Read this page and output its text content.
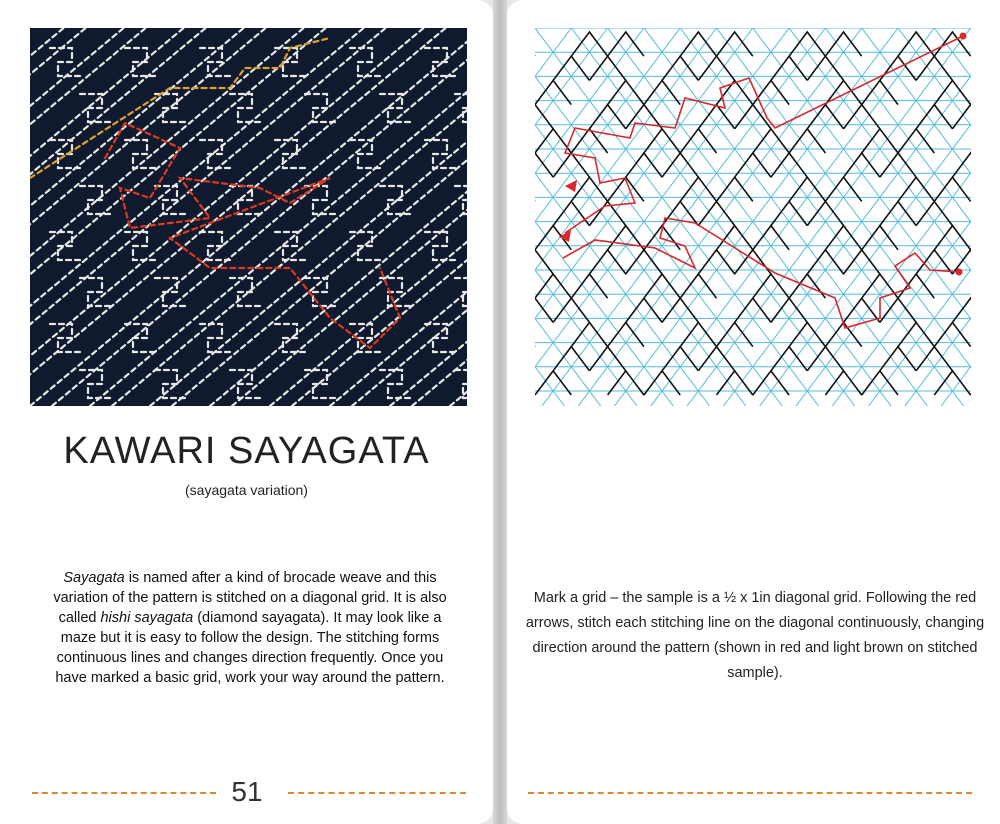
KAWARI SAYAGATA
(sayagata variation)

Sayagata is named after a kind of brocade weave and this variation of the pattern is stitched on a diagonal grid. It is also called hishi sayagata (diamond sayagata). It may look like a maze but it is easy to follow the design. The stitching forms continuous lines and changes direction frequently. Once you have marked a basic grid, work your way around the pattern.

51
Mark a grid – the sample is a ½ x 1in diagonal grid. Following the red arrows, stitch each stitching line on the diagonal continuously, changing direction around the pattern (shown in red and light brown on stitched sample).
